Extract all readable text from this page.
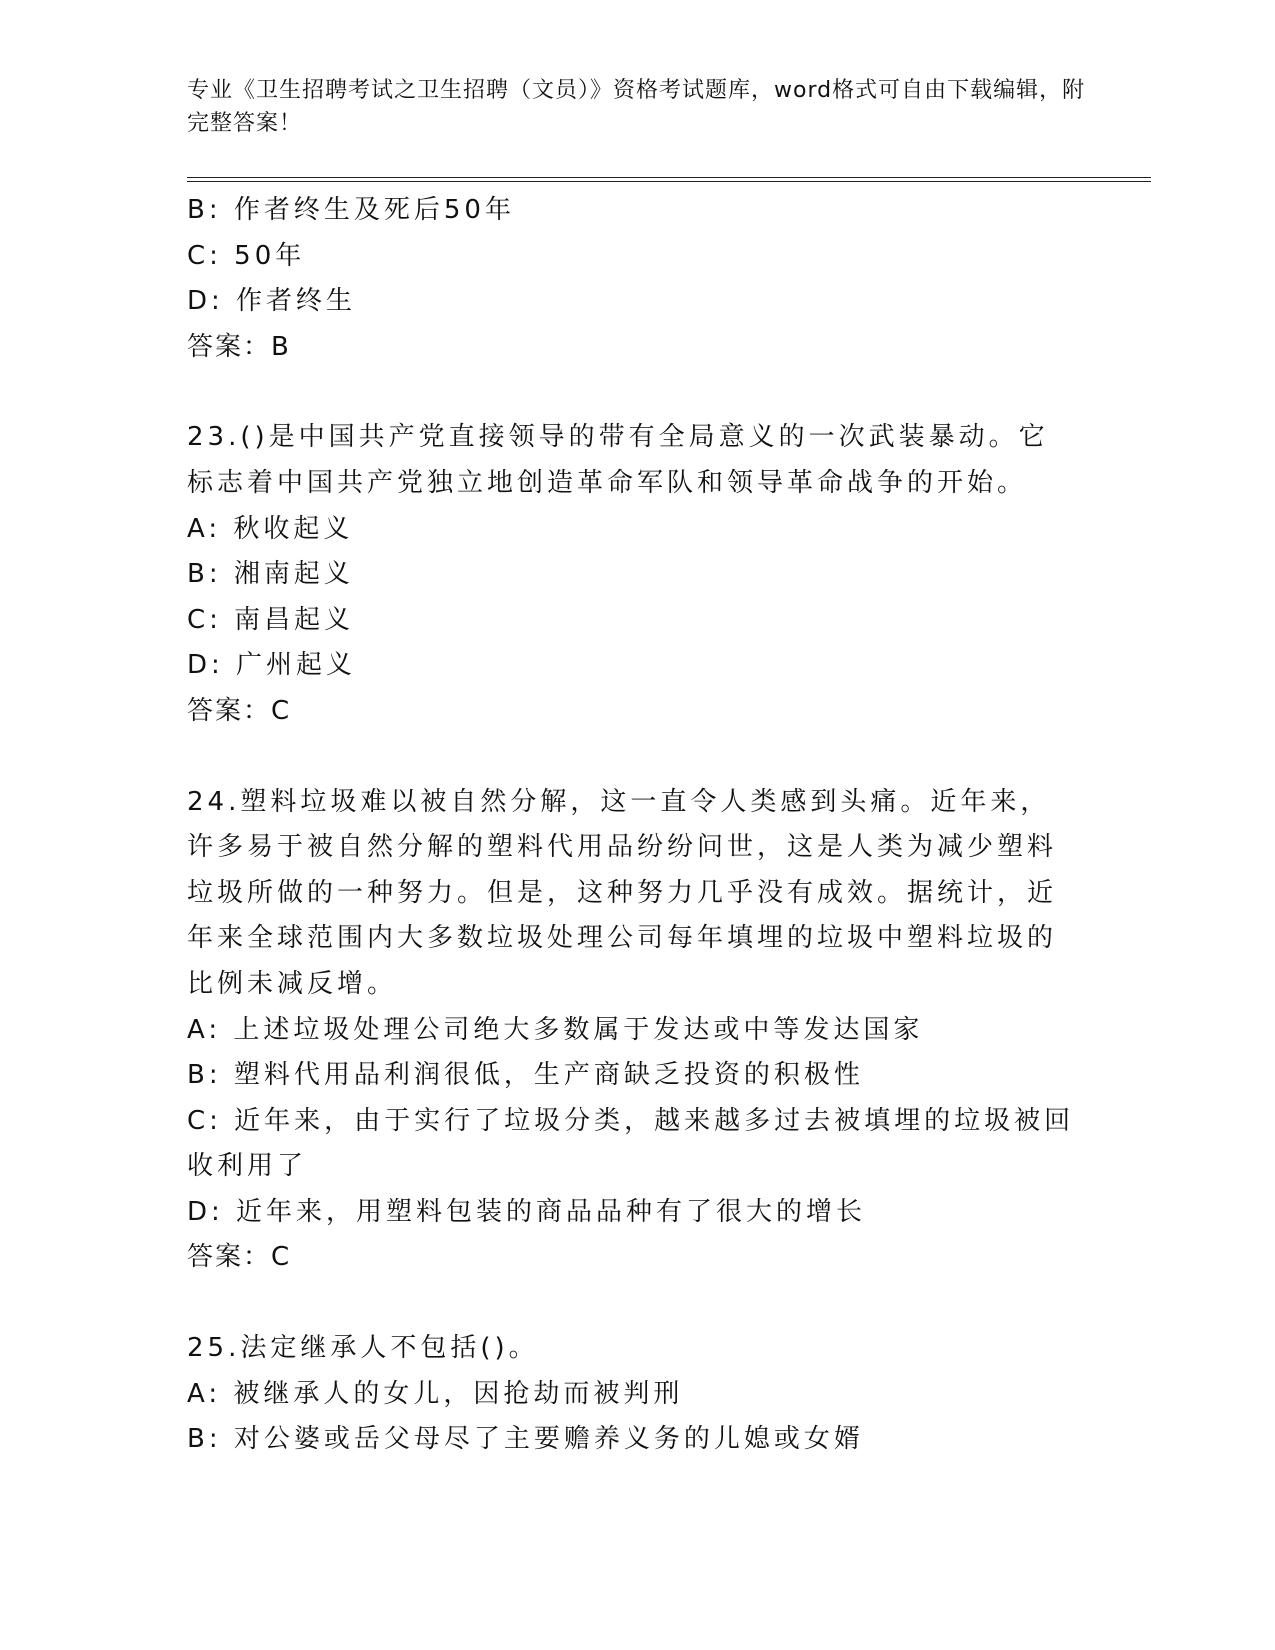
专业《卫生招聘考试之卫生招聘（文员）》资格考试题库，word格式可自由下载编辑，附完整答案！

B: 作者终生及死后50年

C: 50年

D: 作者终生

答案：B

23.()是中国共产党直接领导的带有全局意义的一次武装暴动。它标志着中国共产党独立地创造革命军队和领导革命战争的开始。

A: 秋收起义

B: 湘南起义

C: 南昌起义

D: 广州起义

答案：C

24.塑料垃圾难以被自然分解，这一直令人类感到头痛。近年来，许多易于被自然分解的塑料代用品纷纷问世，这是人类为减少塑料垃圾所做的一种努力。但是，这种努力几乎没有成效。据统计，近年来全球范围内大多数垃圾处理公司每年填埋的垃圾中塑料垃圾的比例未减反增。

A: 上述垃圾处理公司绝大多数属于发达或中等发达国家

B: 塑料代用品利润很低，生产商缺乏投资的积极性

C: 近年来，由于实行了垃圾分类，越来越多过去被填埋的垃圾被回收利用了

D: 近年来，用塑料包装的商品品种有了很大的增长

答案：C

25.法定继承人不包括()。

A: 被继承人的女儿，因抢劫而被判刑

B: 对公婆或岳父母尽了主要赡养义务的儿媳或女婿
